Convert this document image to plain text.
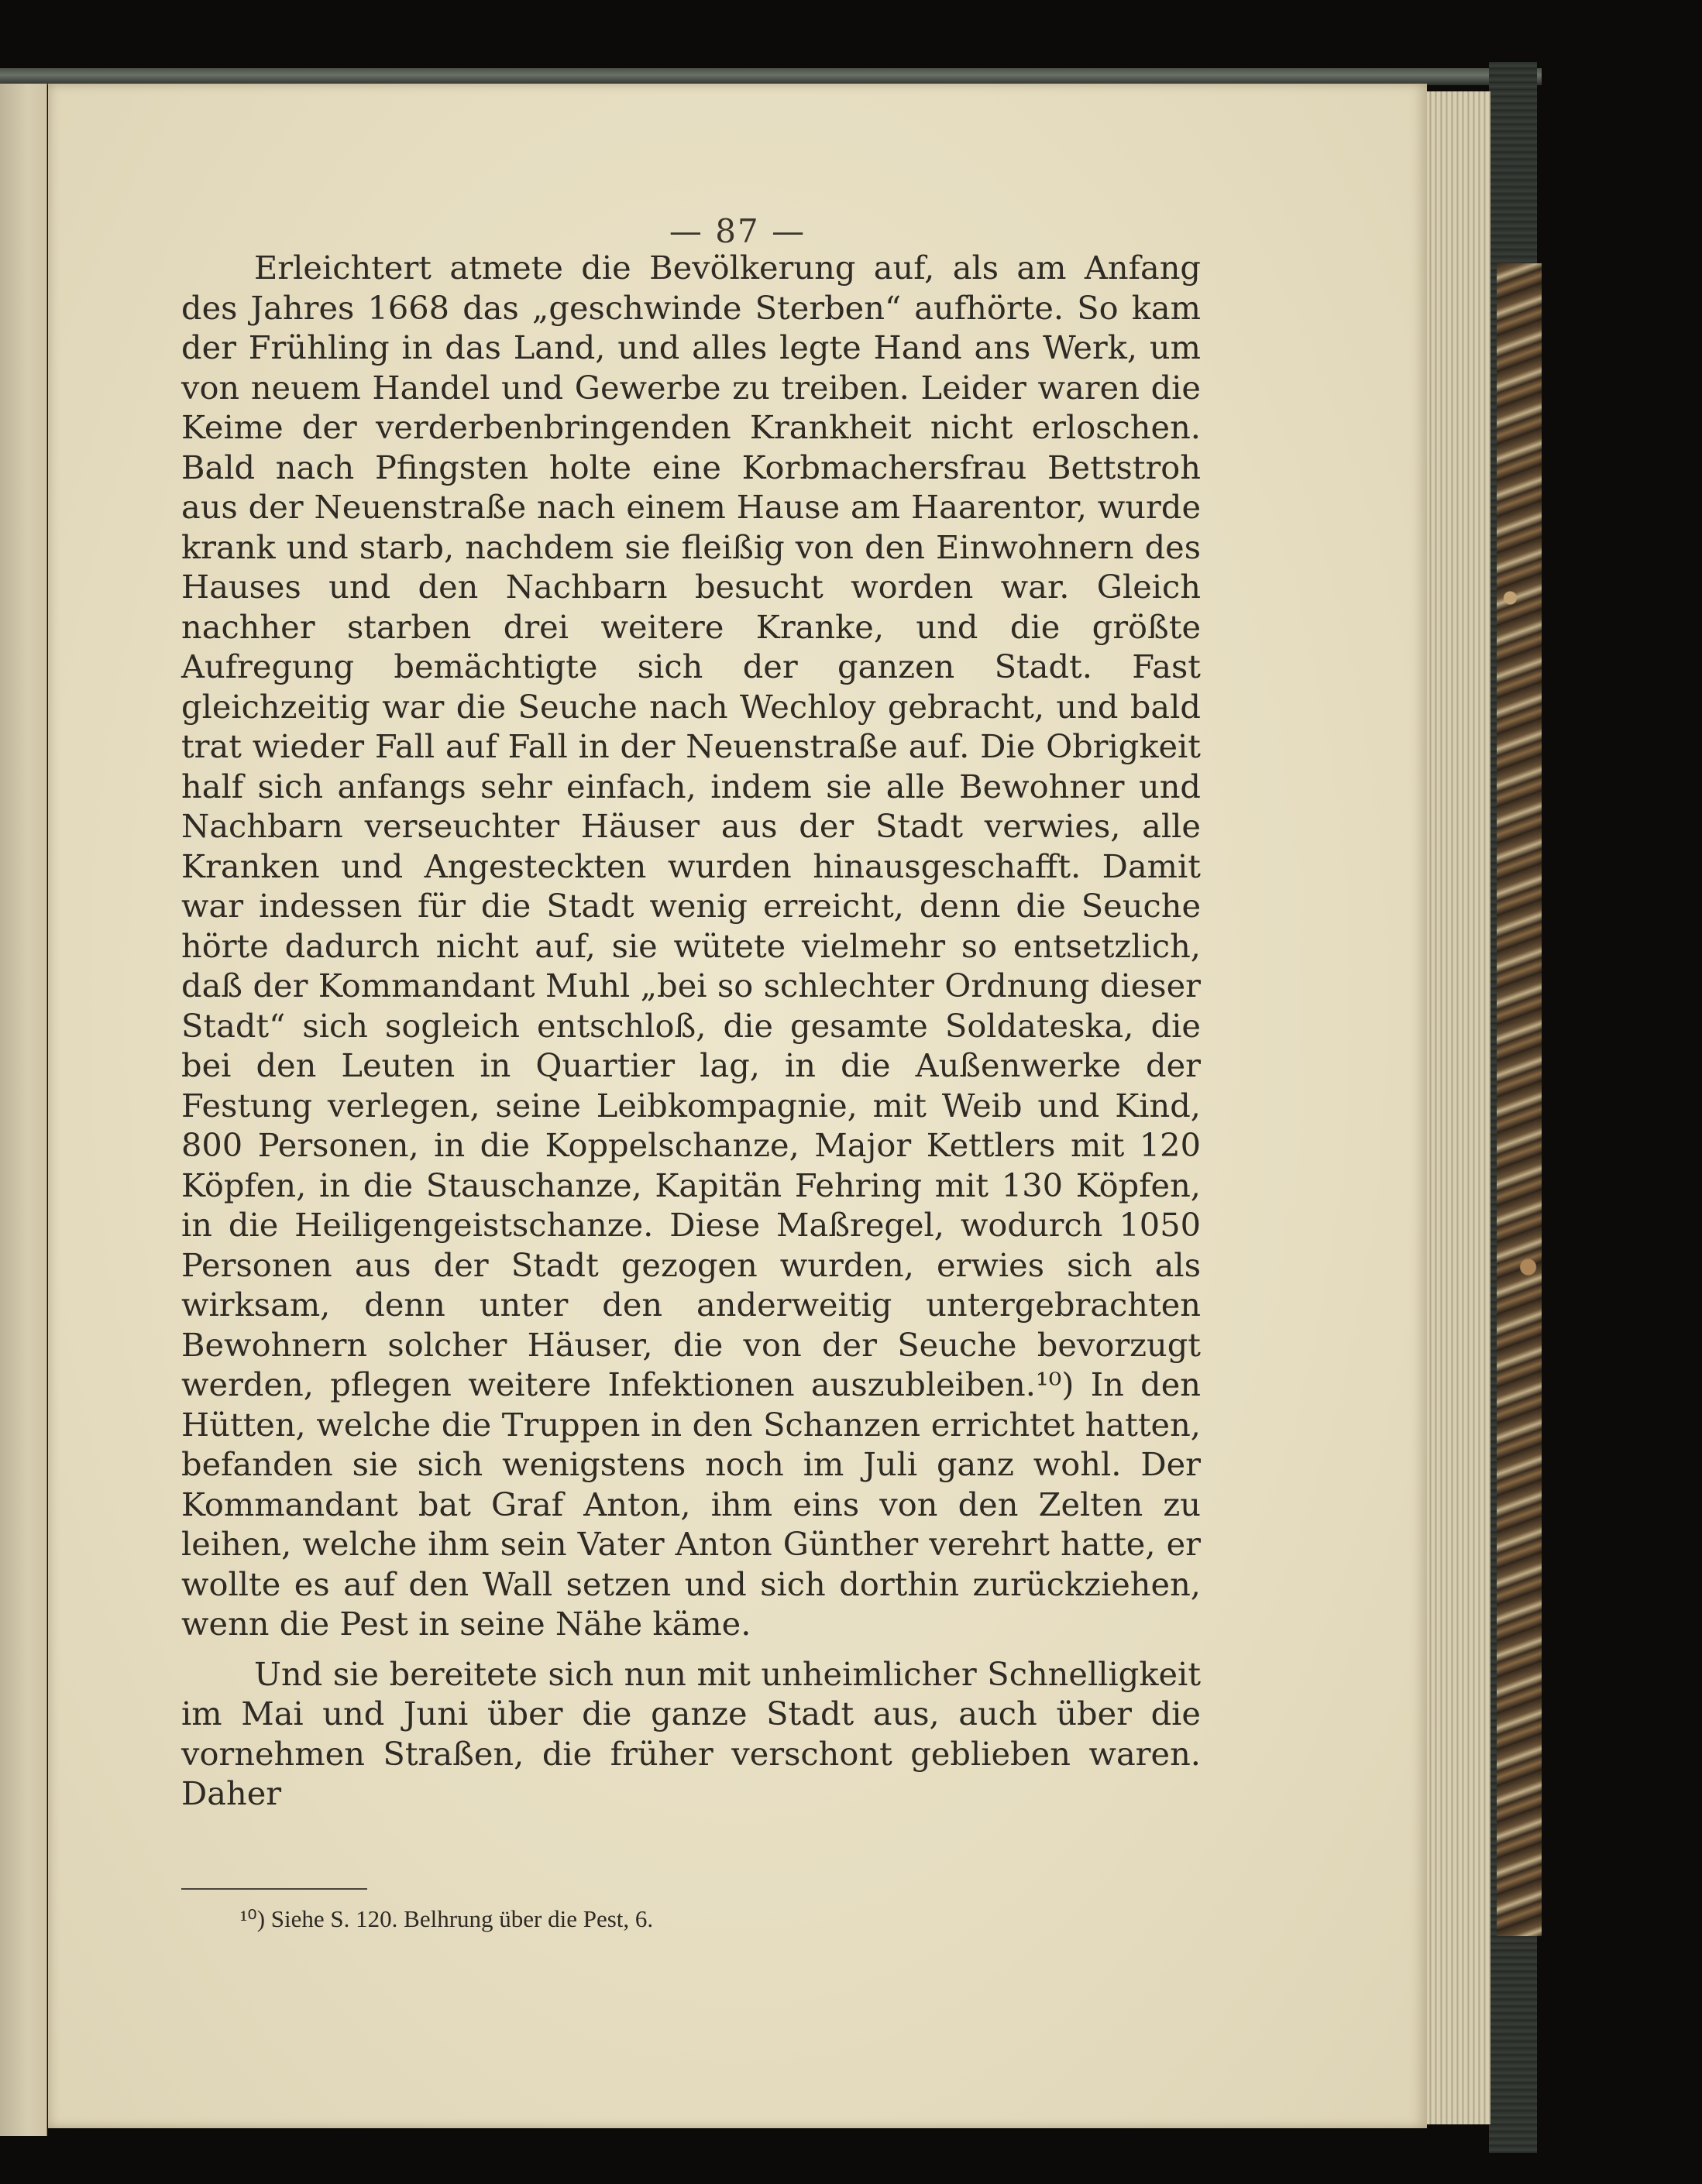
— 87 —

Erleichtert atmete die Bevölkerung auf, als am Anfang des Jahres 1668 das „geschwinde Sterben“ aufhörte. So kam der Frühling in das Land, und alles legte Hand ans Werk, um von neuem Handel und Gewerbe zu treiben. Leider waren die Keime der verderbenbringenden Krankheit nicht erloschen. Bald nach Pfingsten holte eine Korbmachersfrau Bettstroh aus der Neuenstraße nach einem Hause am Haarentor, wurde krank und starb, nachdem sie fleißig von den Einwohnern des Hauses und den Nachbarn besucht worden war. Gleich nachher starben drei weitere Kranke, und die größte Aufregung bemächtigte sich der ganzen Stadt. Fast gleichzeitig war die Seuche nach Wechloy gebracht, und bald trat wieder Fall auf Fall in der Neuenstraße auf. Die Obrigkeit half sich anfangs sehr einfach, indem sie alle Bewohner und Nachbarn verseuchter Häuser aus der Stadt verwies, alle Kranken und Angesteckten wurden hinausgeschafft. Damit war indessen für die Stadt wenig erreicht, denn die Seuche hörte dadurch nicht auf, sie wütete vielmehr so entsetzlich, daß der Kommandant Muhl „bei so schlechter Ordnung dieser Stadt“ sich sogleich entschloß, die gesamte Soldateska, die bei den Leuten in Quartier lag, in die Außenwerke der Festung verlegen, seine Leibkompagnie, mit Weib und Kind, 800 Personen, in die Koppelschanze, Major Kettlers mit 120 Köpfen, in die Stauschanze, Kapitän Fehring mit 130 Köpfen, in die Heiligengeistschanze. Diese Maßregel, wodurch 1050 Personen aus der Stadt gezogen wurden, erwies sich als wirksam, denn unter den anderweitig untergebrachten Bewohnern solcher Häuser, die von der Seuche bevorzugt werden, pflegen weitere Infektionen auszubleiben.¹⁰) In den Hütten, welche die Truppen in den Schanzen errichtet hatten, befanden sie sich wenigstens noch im Juli ganz wohl. Der Kommandant bat Graf Anton, ihm eins von den Zelten zu leihen, welche ihm sein Vater Anton Günther verehrt hatte, er wollte es auf den Wall setzen und sich dorthin zurückziehen, wenn die Pest in seine Nähe käme.

Und sie bereitete sich nun mit unheimlicher Schnelligkeit im Mai und Juni über die ganze Stadt aus, auch über die vornehmen Straßen, die früher verschont geblieben waren. Daher

¹⁰) Siehe S. 120. Belhrung über die Pest, 6.
